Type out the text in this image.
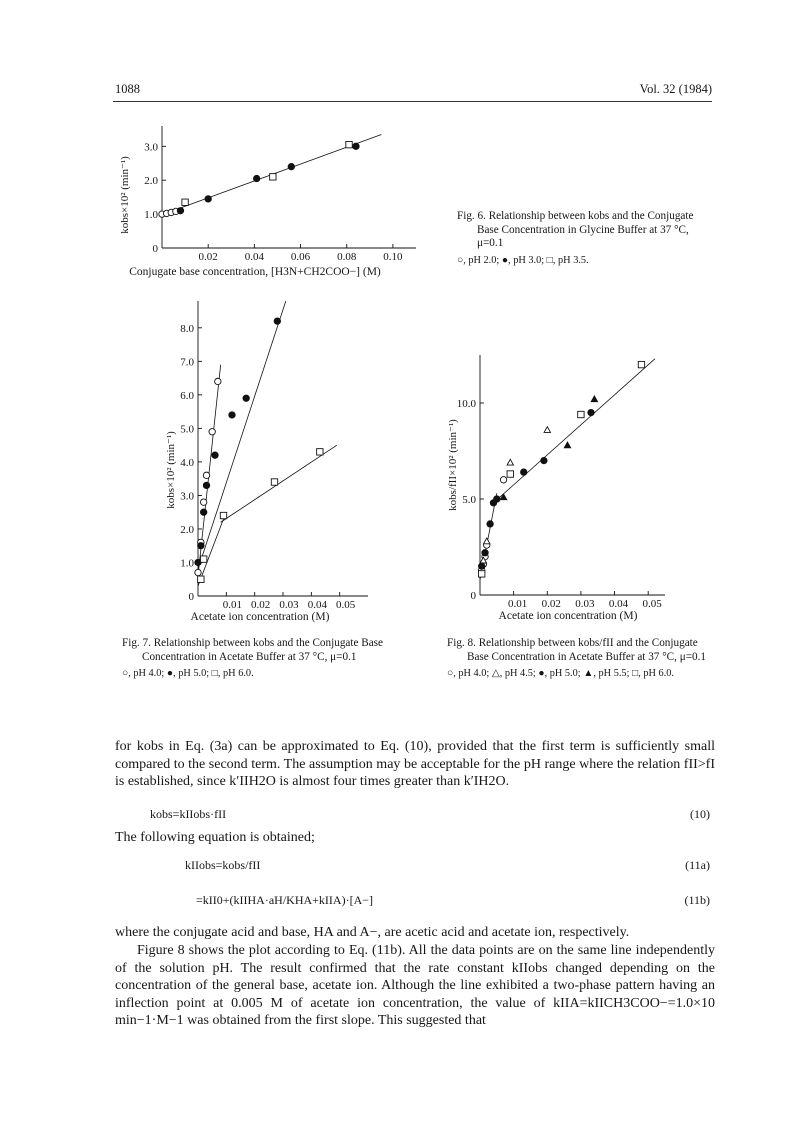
1088	Vol. 32 (1984)
0
1.0
2.0
3.0
0.02 0.04 0.06 0.08 0.10
Conjugate base concentration, [H3N+CH2COO−] (M)
kobs×10² (min⁻¹)	Fig. 6. Relationship between kobs and the Conjugate Base Concentration in Glycine Buffer at 37 °C, μ=0.1
○, pH 2.0; ●, pH 3.0; □, pH 3.5.
0
1.0
2.0
3.0
4.0
5.0
6.0
7.0
8.0
0.01 0.02 0.03 0.04 0.05
Acetate ion concentration (M)
kobs×10² (min⁻¹)
Fig. 7. Relationship between kobs and the Conjugate Base Concentration in Acetate Buffer at 37 °C, μ=0.1
○, pH 4.0; ●, pH 5.0; □, pH 6.0.
0
5.0
10.0
0.01 0.02 0.03 0.04 0.05
Acetate ion concentration (M)
kobs/fII×10² (min⁻¹)
Fig. 8. Relationship between kobs/fII and the Conjugate Base Concentration in Acetate Buffer at 37 °C, μ=0.1
○, pH 4.0; △, pH 4.5; ●, pH 5.0; ▲, pH 5.5; □, pH 6.0.
for kobs in Eq. (3a) can be approximated to Eq. (10), provided that the first term is sufficiently small compared to the second term. The assumption may be acceptable for the pH range where the relation fII>fI is established, since k′IIH2O is almost four times greater than k′IH2O.
kobs=kIIobs·fII	(10)
The following equation is obtained;
kIIobs=kobs/fII	(11a)
=kII0+(kIIHA·aH/KHA+kIIA)·[A−]	(11b)
where the conjugate acid and base, HA and A−, are acetic acid and acetate ion, respectively.
Figure 8 shows the plot according to Eq. (11b). All the data points are on the same line independently of the solution pH. The result confirmed that the rate constant kIIobs changed depending on the concentration of the general base, acetate ion. Although the line exhibited a two-phase pattern having an inflection point at 0.005 M of acetate ion concentration, the value of kIIA=kIICH3COO−=1.0×10 min−1·M−1 was obtained from the first slope. This suggested that
